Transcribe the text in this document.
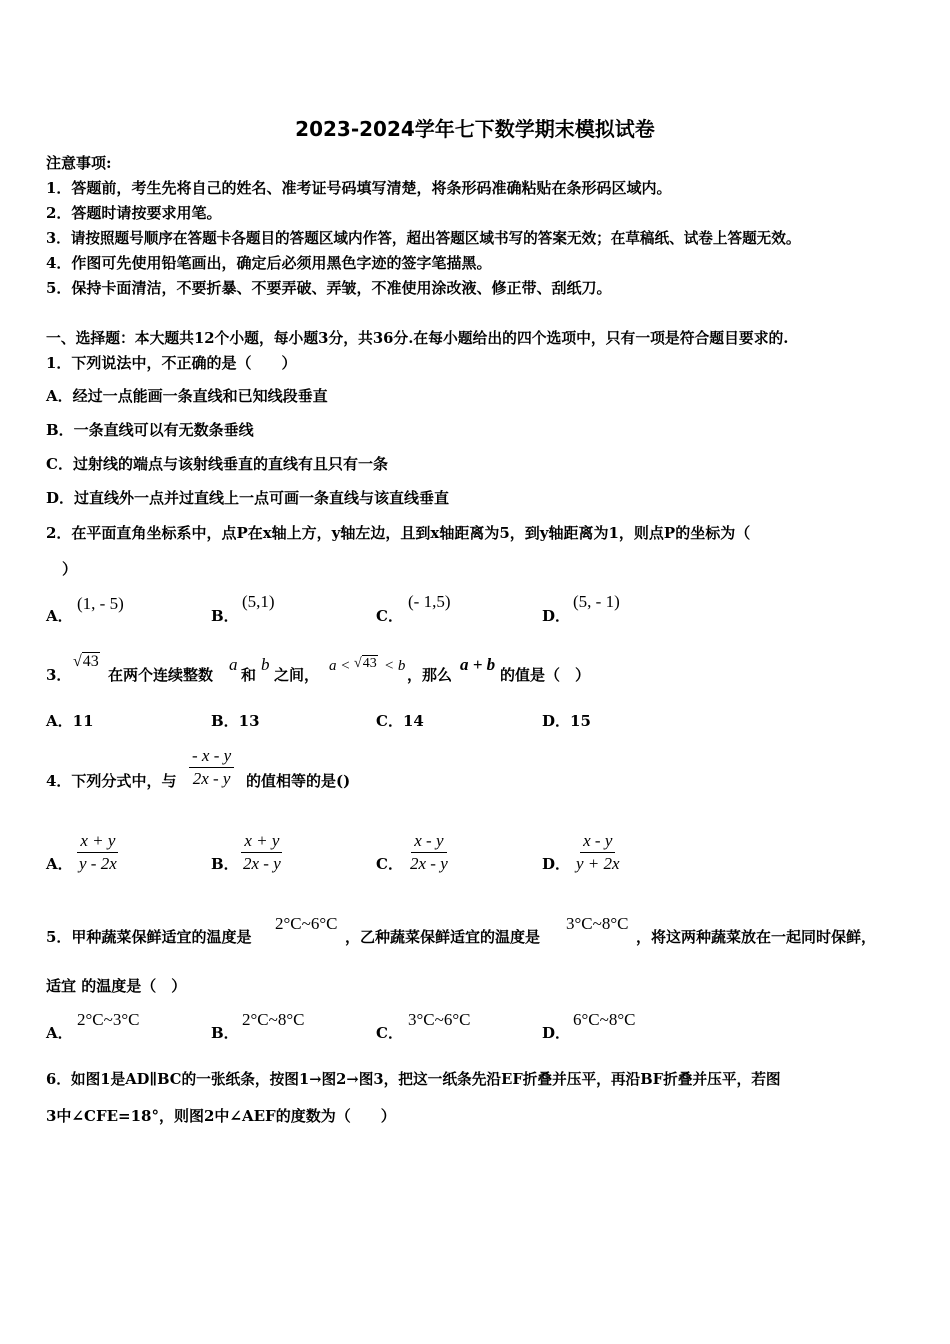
2023-2024学年七下数学期末模拟试卷
注意事项:
1．答题前，考生先将自己的姓名、准考证号码填写清楚，将条形码准确粘贴在条形码区域内。
2．答题时请按要求用笔。
3．请按照题号顺序在答题卡各题目的答题区域内作答，超出答题区域书写的答案无效；在草稿纸、试卷上答题无效。
4．作图可先使用铅笔画出，确定后必须用黑色字迹的签字笔描黑。
5．保持卡面清洁，不要折暴、不要弄破、弄皱，不准使用涂改液、修正带、刮纸刀。
一、选择题：本大题共12个小题，每小题3分，共36分.在每小题给出的四个选项中，只有一项是符合题目要求的.
1．下列说法中，不正确的是（　　）
A．经过一点能画一条直线和已知线段垂直
B．一条直线可以有无数条垂线
C．过射线的端点与该射线垂直的直线有且只有一条
D．过直线外一点并过直线上一点可画一条直线与该直线垂直
2．在平面直角坐标系中，点P在x轴上方，y轴左边，且到x轴距离为5，到y轴距离为1，则点P的坐标为（
）
A．
(1, - 5)
B．
(5,1)
C．
(- 1,5)
D．
(5, - 1)
3．
√43
在两个连续整数
a
和
b
之间， a < √43 < b ，那么
a + b
的值是（　）
A．11	B．13	C．14	D．15
4．下列分式中，与 $\frac{- x - y}{2x - y}$ 的值相等的是()
A． $\frac{x + y}{y - 2x}$	B． $\frac{x + y}{2x - y}$	C． $\frac{x - y}{2x - y}$	D． $\frac{x - y}{y + 2x}$
5．甲种蔬菜保鲜适宜的温度是
2°C~6°C
，乙种蔬菜保鲜适宜的温度是
3°C~8°C
，将这两种蔬菜放在一起同时保鲜，
适宜 的温度是（　）
A．
2°C~3°C
B．
2°C~8°C
C．
3°C~6°C
D．
6°C~8°C
6．如图1是AD∥BC的一张纸条，按图1→图2→图3，把这一纸条先沿EF折叠并压平，再沿BF折叠并压平，若图
3中∠CFE=18°，则图2中∠AEF的度数为（　　）
